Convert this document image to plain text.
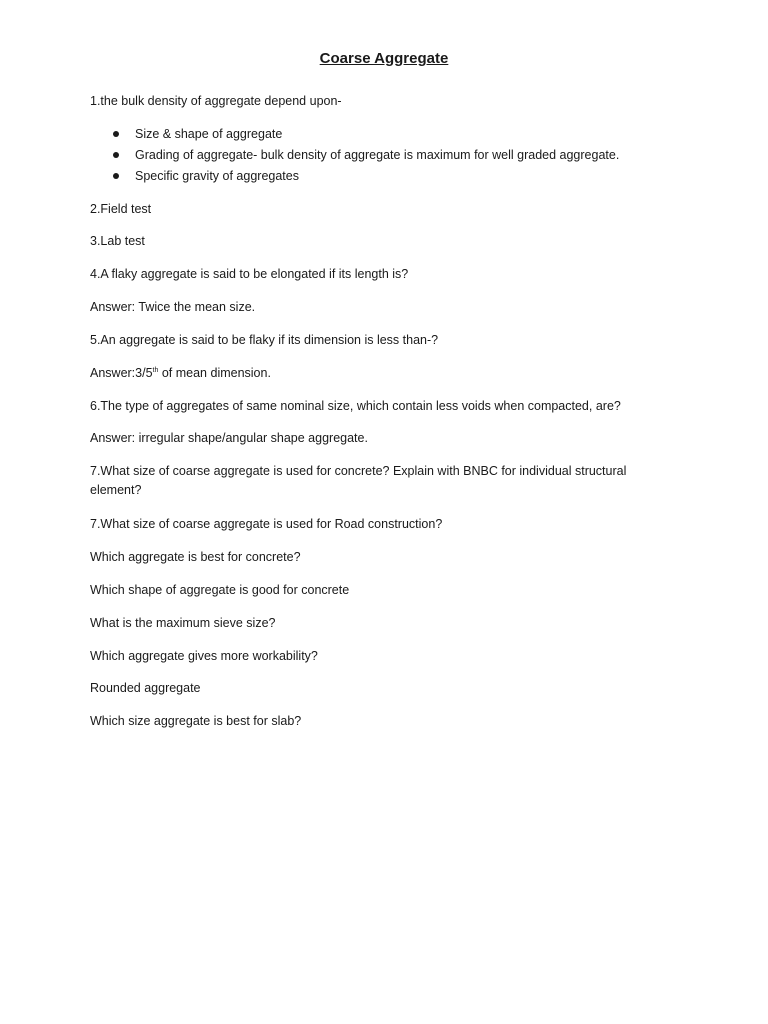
Coarse Aggregate

1.the bulk density of aggregate depend upon-

Size & shape of aggregate
Grading of aggregate- bulk density of aggregate is maximum for well graded aggregate.
Specific gravity of aggregates

2.Field test

3.Lab test

4.A flaky aggregate is said to be elongated if its length is?

Answer: Twice the mean size.

5.An aggregate is said to be flaky if its dimension is less than-?

Answer:3/5th of mean dimension.

6.The type of aggregates of same nominal size, which contain less voids when compacted, are?

Answer: irregular shape/angular shape aggregate.

7.What size of coarse aggregate is used for concrete? Explain with BNBC for individual structural element?

7.What size of coarse aggregate is used for Road construction?

Which aggregate is best for concrete?

Which shape of aggregate is good for concrete

What is the maximum sieve size?

Which aggregate gives more workability?

Rounded aggregate

Which size aggregate is best for slab?
